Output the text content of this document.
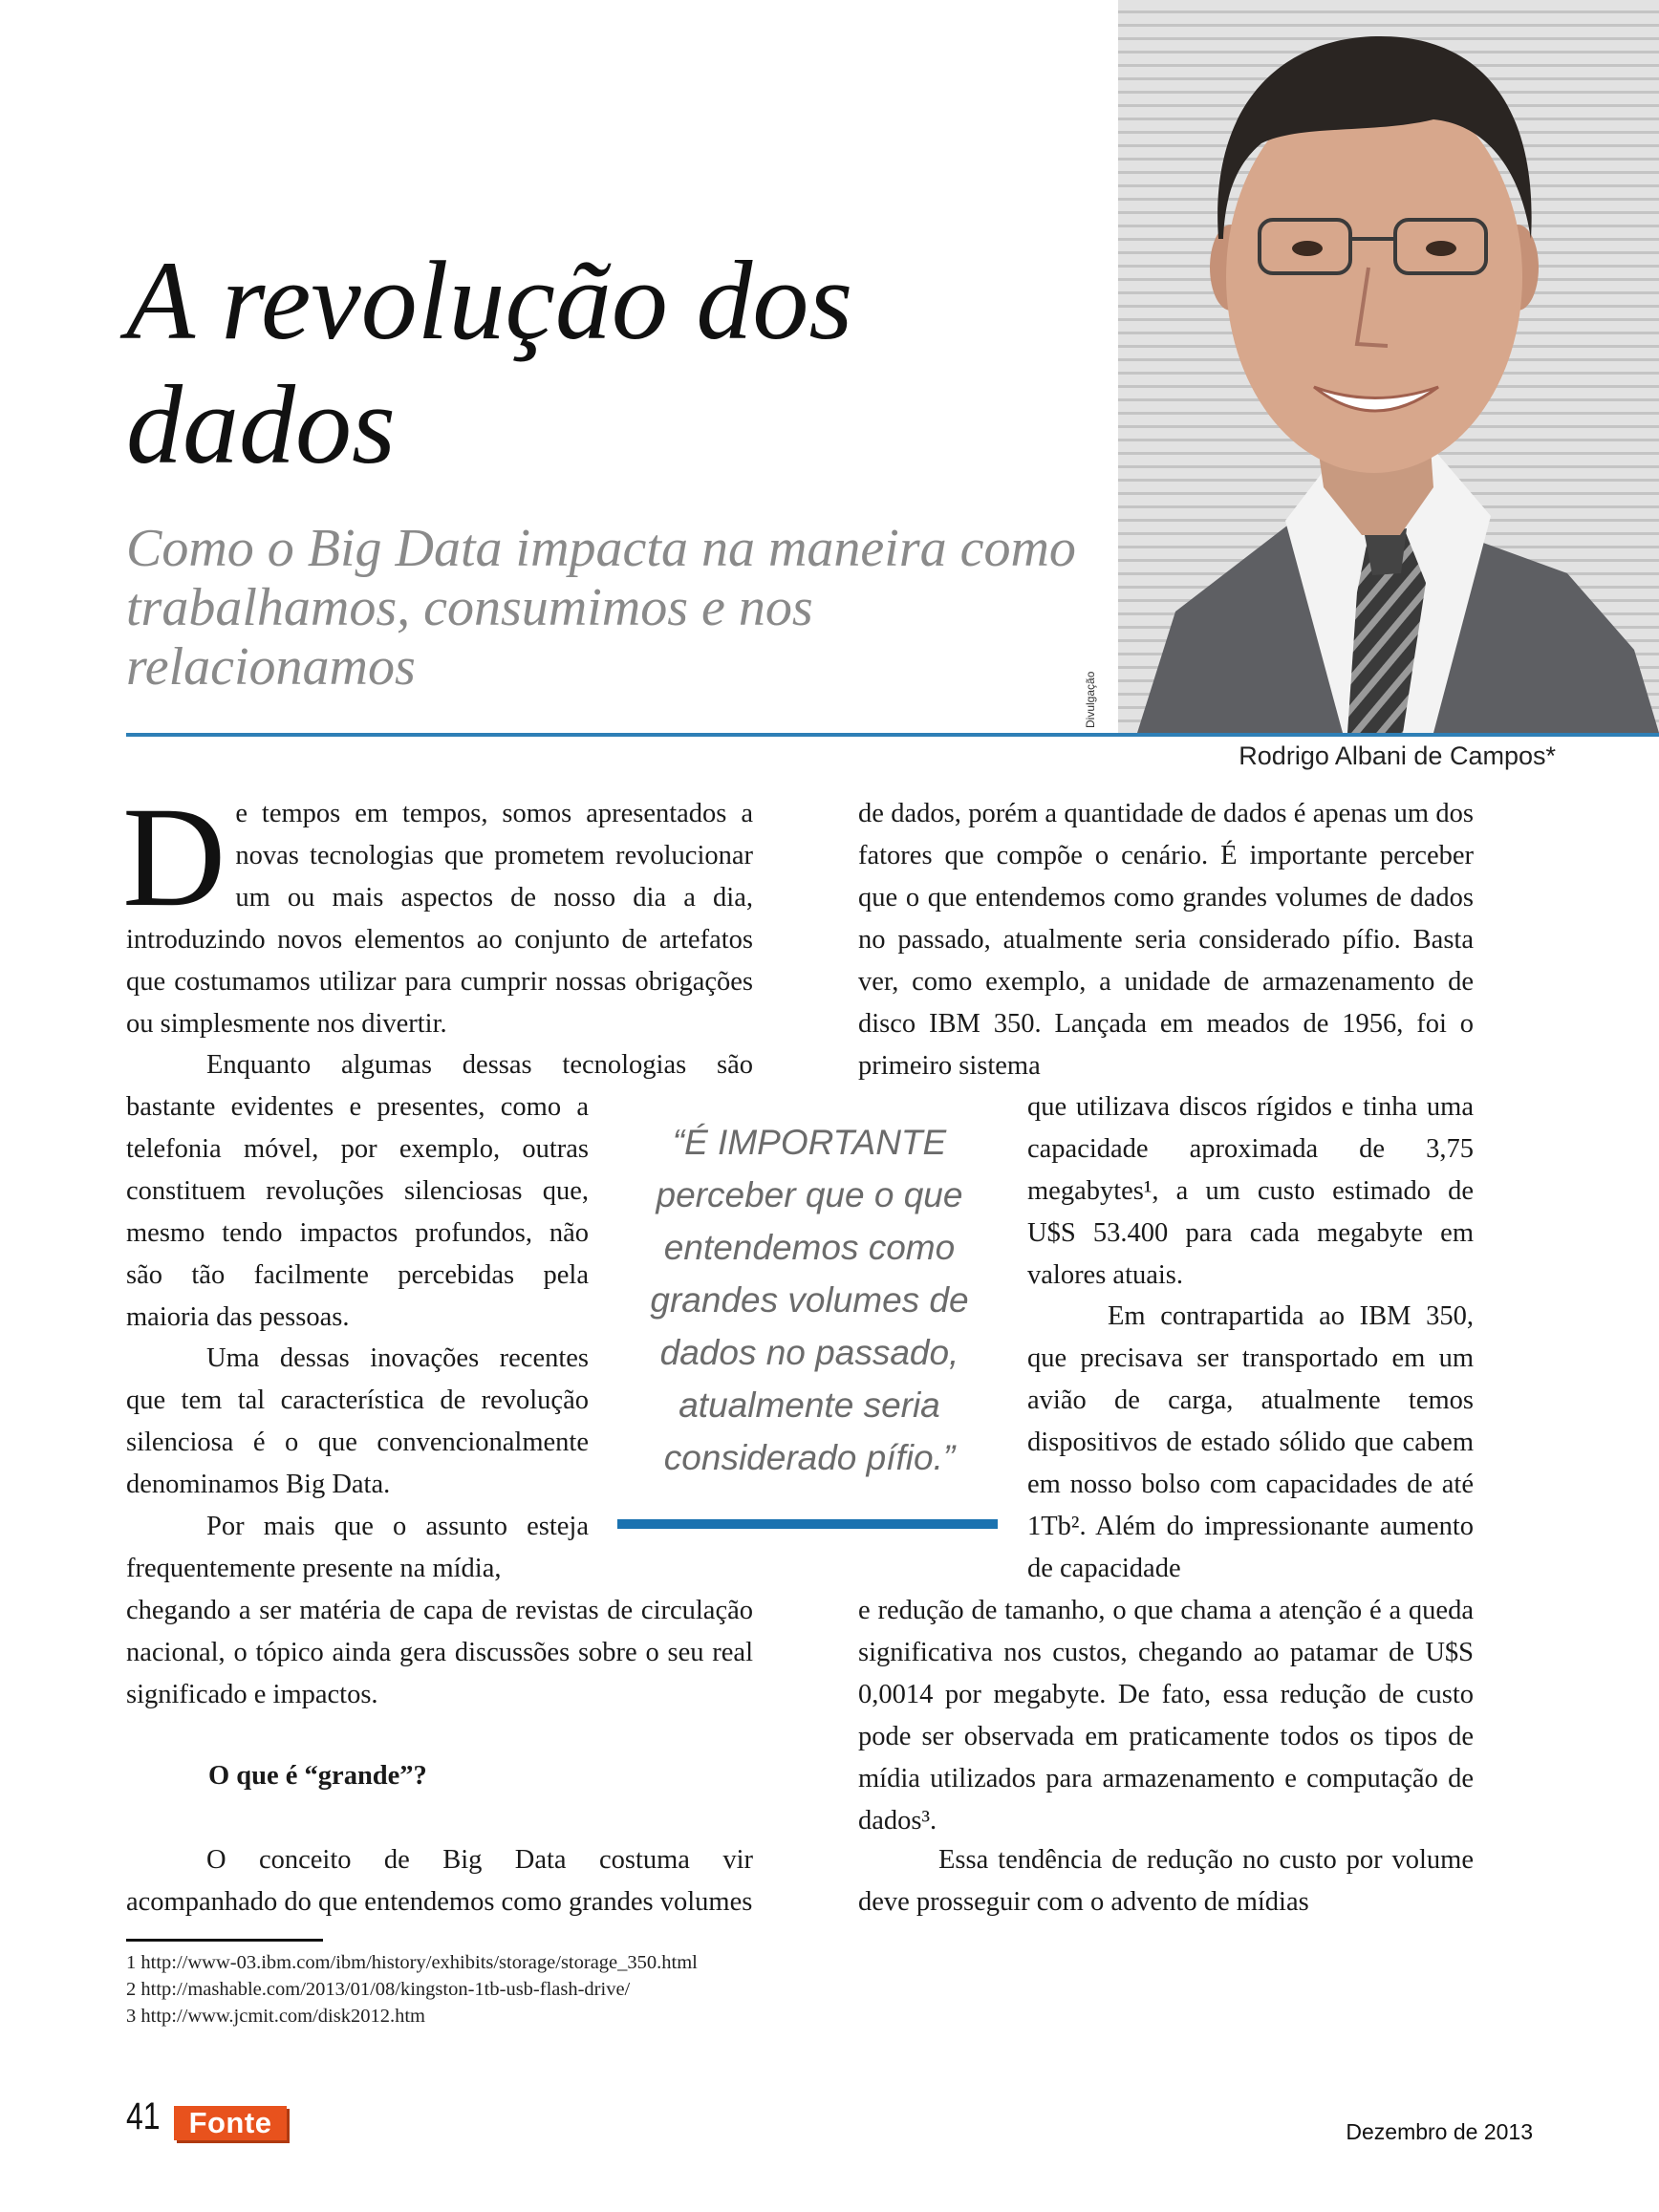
Divulgação
A revolução dos dados
Como o Big Data impacta na maneira como trabalhamos, consumimos e nos relacionamos
Rodrigo Albani de Campos*

De tempos em tempos, somos apresentados a novas tecnologias que prometem revolucionar um ou mais aspectos de nosso dia a dia, introduzindo novos elementos ao conjunto de artefatos que costumamos utilizar para cumprir nossas obrigações ou simplesmente nos divertir.

Enquanto algumas dessas tecnologias são

bastante evidentes e presentes, como a telefonia móvel, por exemplo, outras constituem revoluções silenciosas que, mesmo tendo impactos profundos, não são tão facilmente percebidas pela maioria das pessoas.

Uma dessas inovações recentes que tem tal característica de revolução silenciosa é o que convencionalmente denominamos Big Data.

Por mais que o assunto esteja frequentemente presente na mídia,

chegando a ser matéria de capa de revistas de circulação nacional, o tópico ainda gera discussões sobre o seu real significado e impactos.

O que é “grande”?

O conceito de Big Data costuma vir acompanhado do que entendemos como grandes volumes

de dados, porém a quantidade de dados é apenas um dos fatores que compõe o cenário. É importante perceber que o que entendemos como grandes volumes de dados no passado, atualmente seria considerado pífio. Basta ver, como exemplo, a unidade de armazenamento de disco IBM 350. Lançada em meados de 1956, foi o primeiro sistema

que utilizava discos rígidos e tinha uma capacidade aproximada de 3,75 megabytes¹, a um custo estimado de U$S 53.400 para cada megabyte em valores atuais.

Em contrapartida ao IBM 350, que precisava ser transportado em um avião de carga, atualmente temos dispositivos de estado sólido que cabem em nosso bolso com capacidades de até 1Tb². Além do impressionante aumento de capacidade

e redução de tamanho, o que chama a atenção é a queda significativa nos custos, chegando ao patamar de U$S 0,0014 por megabyte. De fato, essa redução de custo pode ser observada em praticamente todos os tipos de mídia utilizados para armazenamento e computação de dados³.

Essa tendência de redução no custo por volume deve prosseguir com o advento de mídias

“É IMPORTANTE perceber que o que entendemos como grandes volumes de dados no passado, atualmente seria considerado pífio.”

1 http://www-03.ibm.com/ibm/history/exhibits/storage/storage_350.html
2 http://mashable.com/2013/01/08/kingston-1tb-usb-flash-drive/
3 http://www.jcmit.com/disk2012.htm
41 Fonte	Dezembro de 2013
